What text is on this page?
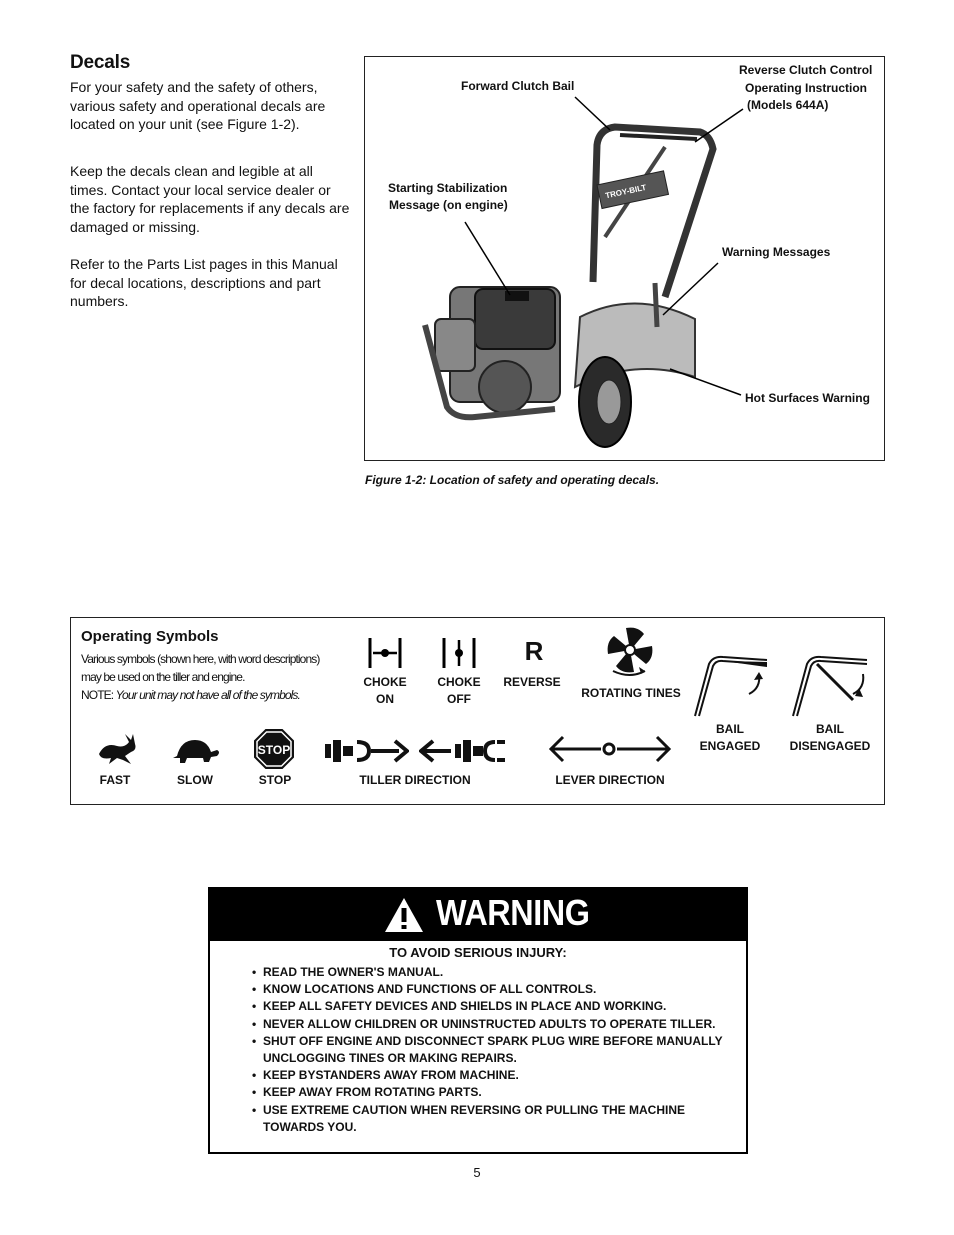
Decals
For your safety and the safety of others, various safety and operational decals are located on your unit (see Figure 1-2).
Keep the decals clean and legible at all times. Contact your local service dealer or the factory for replacements if any decals are damaged or missing.
Refer to the Parts List pages in this Manual for decal locations, descriptions and part numbers.
TROY-BILT
Forward Clutch Bail
Reverse Clutch Control
Operating Instruction
(Models 644A)
Starting Stabilization
Message (on engine)
Warning Messages
Hot Surfaces Warning
Figure 1-2: Location of safety and operating decals.
Operating Symbols
Various symbols (shown here, with word descriptions)
may be used on the tiller and engine.
NOTE: Your unit may not have all of the symbols.
CHOKE
ON
CHOKE
OFF
R
REVERSE
ROTATING TINES
BAIL
ENGAGED
BAIL
DISENGAGED
FAST	SLOW
STOP
STOP	TILLER DIRECTION	LEVER DIRECTION
WARNING
TO AVOID SERIOUS INJURY:
• READ THE OWNER'S MANUAL.
• KNOW LOCATIONS AND FUNCTIONS OF ALL CONTROLS.
• KEEP ALL SAFETY DEVICES AND SHIELDS IN PLACE AND WORKING.
• NEVER ALLOW CHILDREN OR UNINSTRUCTED ADULTS TO OPERATE TILLER.
• SHUT OFF ENGINE AND DISCONNECT SPARK PLUG WIRE BEFORE MANUALLY UNCLOGGING TINES OR MAKING REPAIRS.
• KEEP BYSTANDERS AWAY FROM MACHINE.
• KEEP AWAY FROM ROTATING PARTS.
• USE EXTREME CAUTION WHEN REVERSING OR PULLING THE MACHINE TOWARDS YOU.
5
